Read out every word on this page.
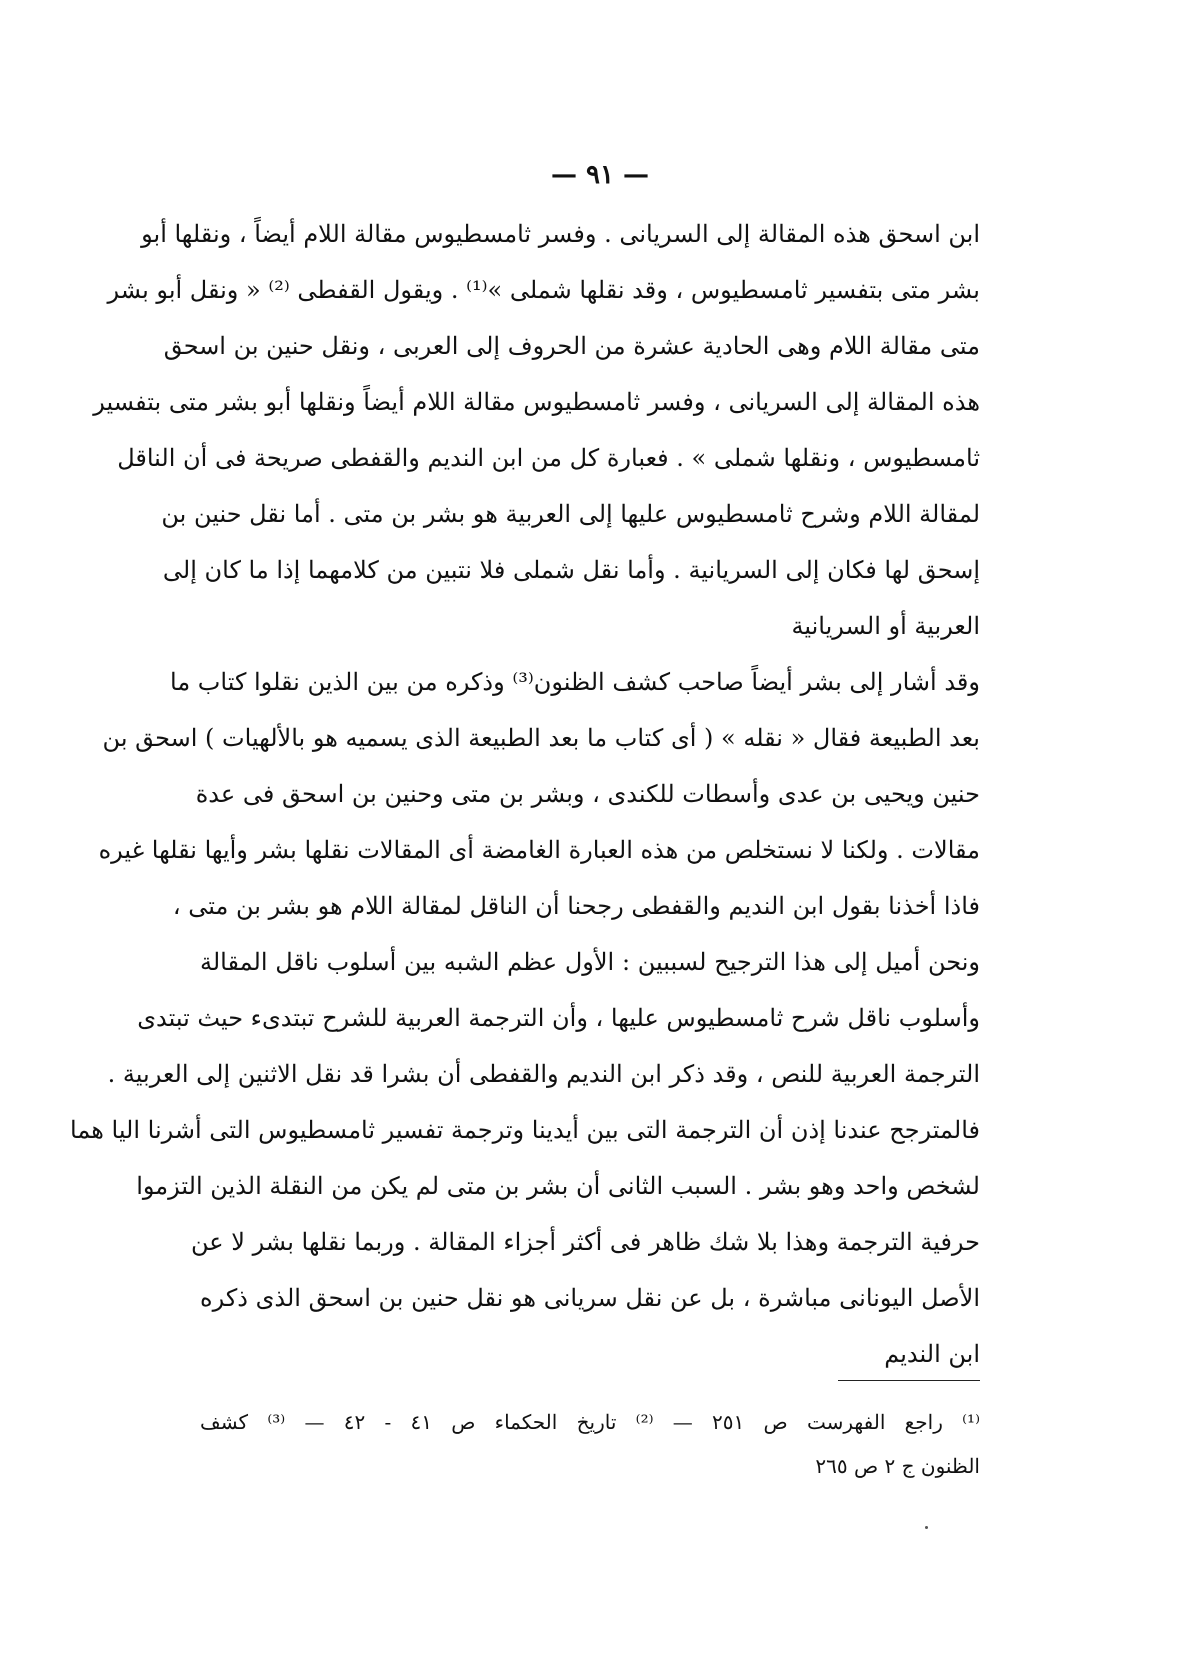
— ٩١ —
ابن اسحق هذه المقالة إلى السريانى . وفسر ثامسطيوس مقالة اللام أيضاً ، ونقلها أبو
بشر متى بتفسير ثامسطيوس ، وقد نقلها شملى »⁽¹⁾ . ويقول القفطى ⁽²⁾ « ونقل أبو بشر
متى مقالة اللام وهى الحادية عشرة من الحروف إلى العربى ، ونقل حنين بن اسحق
هذه المقالة إلى السريانى ، وفسر ثامسطيوس مقالة اللام أيضاً ونقلها أبو بشر متى بتفسير
ثامسطيوس ، ونقلها شملى » . فعبارة كل من ابن النديم والقفطى صريحة فى أن الناقل
لمقالة اللام وشرح ثامسطيوس عليها إلى العربية هو بشر بن متى . أما نقل حنين بن
إسحق لها فكان إلى السريانية . وأما نقل شملى فلا نتبين من كلامهما إذا ما كان إلى
العربية أو السريانية
وقد أشار إلى بشر أيضاً صاحب كشف الظنون⁽³⁾ وذكره من بين الذين نقلوا كتاب ما
بعد الطبيعة فقال « نقله » ( أى كتاب ما بعد الطبيعة الذى يسميه هو بالألهيات ) اسحق بن
حنين ويحيى بن عدى وأسطات للكندى ، وبشر بن متى وحنين بن اسحق فى عدة
مقالات . ولكنا لا نستخلص من هذه العبارة الغامضة أى المقالات نقلها بشر وأيها نقلها غيره
فاذا أخذنا بقول ابن النديم والقفطى رجحنا أن الناقل لمقالة اللام هو بشر بن متى ،
ونحن أميل إلى هذا الترجيح لسببين : الأول عظم الشبه بين أسلوب ناقل المقالة
وأسلوب ناقل شرح ثامسطيوس عليها ، وأن الترجمة العربية للشرح تبتدىء حيث تبتدى
الترجمة العربية للنص ، وقد ذكر ابن النديم والقفطى أن بشرا قد نقل الاثنين إلى العربية .
فالمترجح عندنا إذن أن الترجمة التى بين أيدينا وترجمة تفسير ثامسطيوس التى أشرنا اليا هما
لشخص واحد وهو بشر . السبب الثانى أن بشر بن متى لم يكن من النقلة الذين التزموا
حرفية الترجمة وهذا بلا شك ظاهر فى أكثر أجزاء المقالة . وربما نقلها بشر لا عن
الأصل اليونانى مباشرة ، بل عن نقل سريانى هو نقل حنين بن اسحق الذى ذكره
ابن النديم
⁽¹⁾ راجع الفهرست ص ٢٥١ — ⁽²⁾ تاريخ الحكماء ص ٤١ - ٤٢ — ⁽³⁾ كشف
الظنون ج ٢ ص ٢٦٥
